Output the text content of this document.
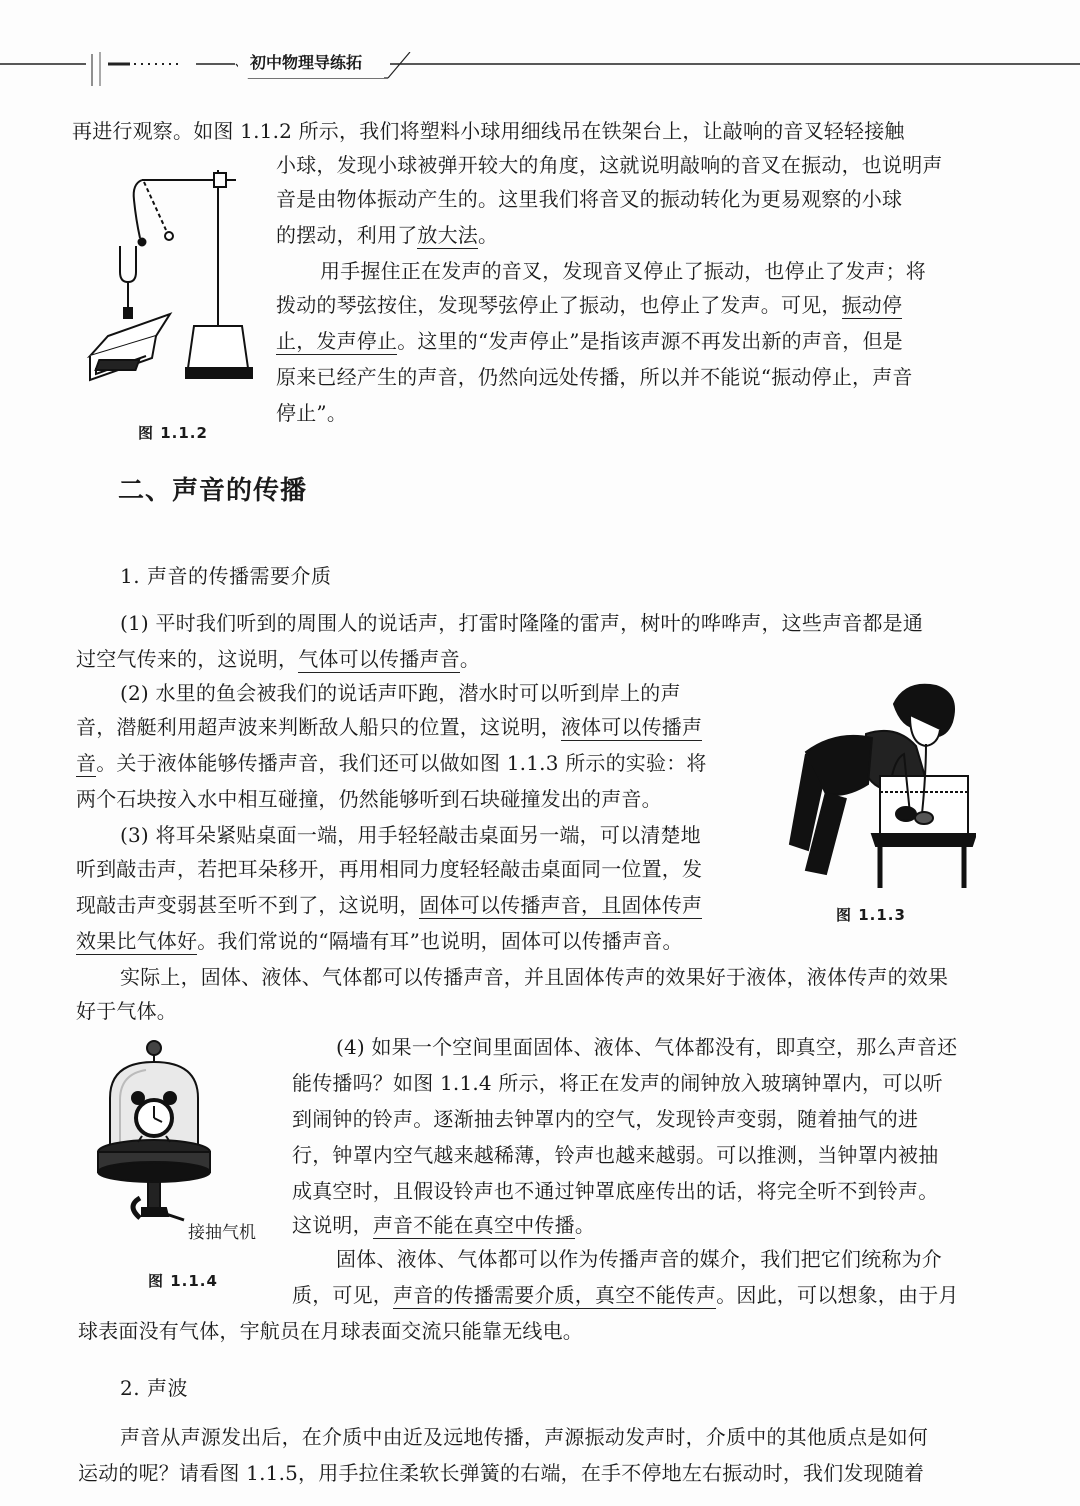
初中物理导练拓
图 1.1.2
再进行观察。如图 1.1.2 所示，我们将塑料小球用细线吊在铁架台上，让敲响的音叉轻轻接触
小球，发现小球被弹开较大的角度，这就说明敲响的音叉在振动，也说明声
音是由物体振动产生的。这里我们将音叉的振动转化为更易观察的小球
的摆动，利用了放大法。
用手握住正在发声的音叉，发现音叉停止了振动，也停止了发声；将
拨动的琴弦按住，发现琴弦停止了振动，也停止了发声。可见，振动停
止，发声停止。这里的“发声停止”是指该声源不再发出新的声音，但是
原来已经产生的声音，仍然向远处传播，所以并不能说“振动停止，声音
停止”。
二、声音的传播
1. 声音的传播需要介质
(1) 平时我们听到的周围人的说话声，打雷时隆隆的雷声，树叶的哗哗声，这些声音都是通
过空气传来的，这说明，气体可以传播声音。
(2) 水里的鱼会被我们的说话声吓跑，潜水时可以听到岸上的声
音，潜艇利用超声波来判断敌人船只的位置，这说明，液体可以传播声
音。关于液体能够传播声音，我们还可以做如图 1.1.3 所示的实验：将
两个石块按入水中相互碰撞，仍然能够听到石块碰撞发出的声音。
(3) 将耳朵紧贴桌面一端，用手轻轻敲击桌面另一端，可以清楚地
听到敲击声，若把耳朵移开，再用相同力度轻轻敲击桌面同一位置，发
现敲击声变弱甚至听不到了，这说明，固体可以传播声音，且固体传声
效果比气体好。我们常说的“隔墙有耳”也说明，固体可以传播声音。
图 1.1.3
实际上，固体、液体、气体都可以传播声音，并且固体传声的效果好于液体，液体传声的效果
好于气体。
接抽气机
图 1.1.4
(4) 如果一个空间里面固体、液体、气体都没有，即真空，那么声音还
能传播吗？如图 1.1.4 所示，将正在发声的闹钟放入玻璃钟罩内，可以听
到闹钟的铃声。逐渐抽去钟罩内的空气，发现铃声变弱，随着抽气的进
行，钟罩内空气越来越稀薄，铃声也越来越弱。可以推测，当钟罩内被抽
成真空时，且假设铃声也不通过钟罩底座传出的话，将完全听不到铃声。
这说明，声音不能在真空中传播。
固体、液体、气体都可以作为传播声音的媒介，我们把它们统称为介
质，可见，声音的传播需要介质，真空不能传声。因此，可以想象，由于月
球表面没有气体，宇航员在月球表面交流只能靠无线电。
2. 声波
声音从声源发出后，在介质中由近及远地传播，声源振动发声时，介质中的其他质点是如何
运动的呢？请看图 1.1.5，用手拉住柔软长弹簧的右端，在手不停地左右振动时，我们发现随着
